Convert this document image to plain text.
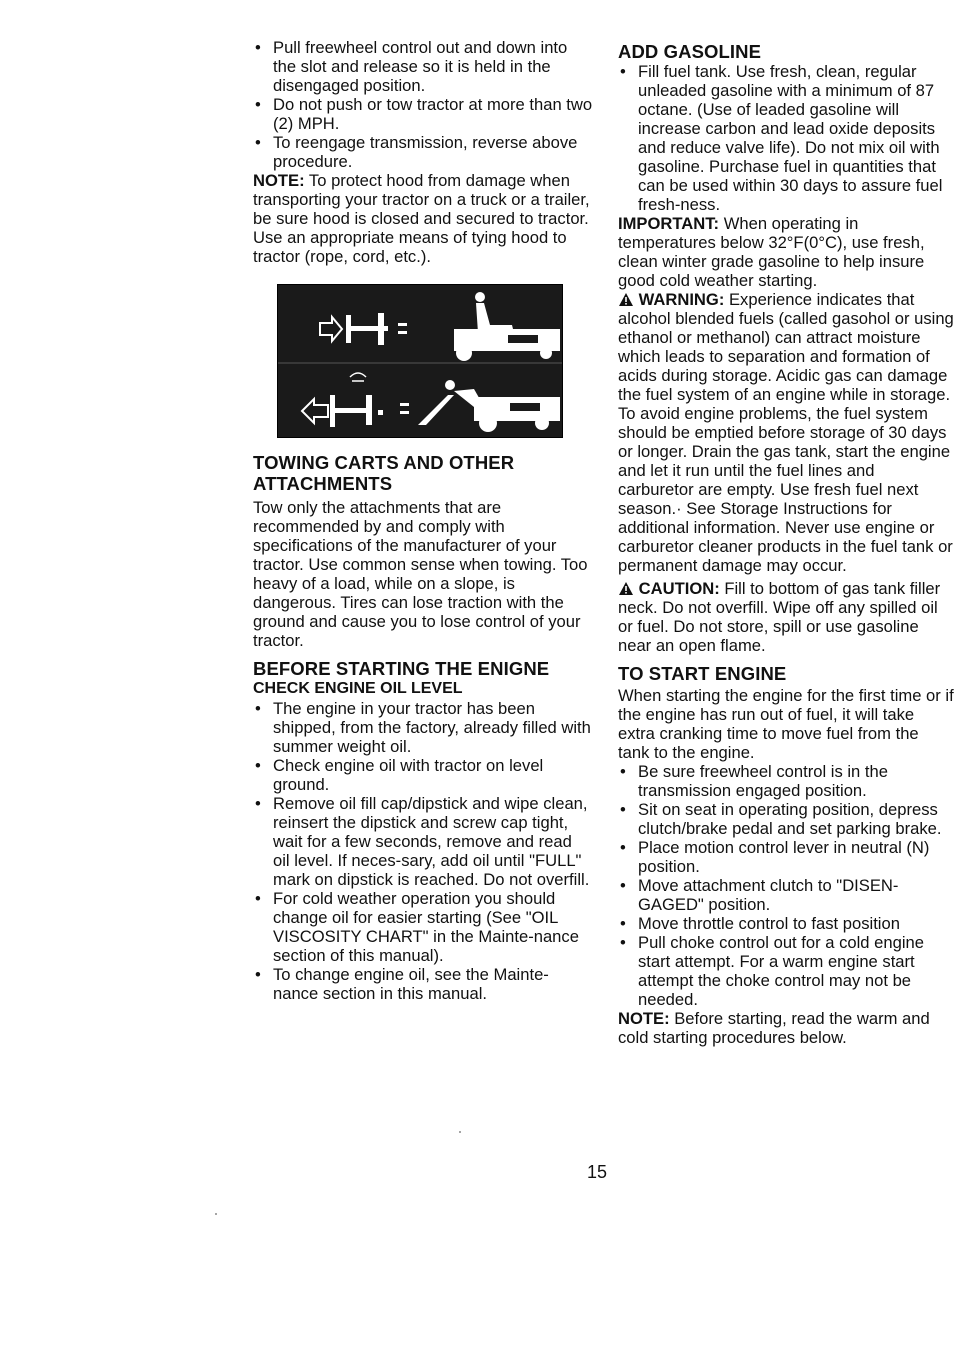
• Pull freewheel control out and down into the slot and release so it is held in the disengaged position.
• Do not push or tow tractor at more than two (2) MPH.
• To reengage transmission, reverse above procedure.

NOTE: To protect hood from damage when transporting your tractor on a truck or a trailer, be sure hood is closed and secured to tractor. Use an appropriate means of tying hood to tractor (rope, cord, etc.).

TOWING CARTS AND OTHER ATTACHMENTS

Tow only the attachments that are recommended by and comply with specifications of the manufacturer of your tractor. Use common sense when towing. Too heavy of a load, while on a slope, is dangerous. Tires can lose traction with the ground and cause you to lose control of your tractor.

BEFORE STARTING THE ENIGNE
CHECK ENGINE OIL LEVEL
• The engine in your tractor has been shipped, from the factory, already filled with summer weight oil.
• Check engine oil with tractor on level ground.
• Remove oil fill cap/dipstick and wipe clean, reinsert the dipstick and screw cap tight, wait for a few seconds, remove and read oil level. If neces-sary, add oil until "FULL" mark on dipstick is reached. Do not overfill.
• For cold weather operation you should change oil for easier starting (See "OIL VISCOSITY CHART" in the Mainte-nance section of this manual).
• To change engine oil, see the Mainte-nance section in this manual.
ADD GASOLINE
• Fill fuel tank. Use fresh, clean, regular unleaded gasoline with a minimum of 87 octane. (Use of leaded gasoline will increase carbon and lead oxide deposits and reduce valve life). Do not mix oil with gasoline. Purchase fuel in quantities that can be used within 30 days to assure fuel fresh-ness.

IMPORTANT: When operating in temperatures below 32°F(0°C), use fresh, clean winter grade gasoline to help insure good cold weather starting.

WARNING: Experience indicates that alcohol blended fuels (called gasohol or using ethanol or methanol) can attract moisture which leads to separation and formation of acids during storage. Acidic gas can damage the fuel system of an engine while in storage. To avoid engine problems, the fuel system should be emptied before storage of 30 days or longer. Drain the gas tank, start the engine and let it run until the fuel lines and carburetor are empty. Use fresh fuel next season.· See Storage Instructions for additional information. Never use engine or carburetor cleaner products in the fuel tank or permanent damage may occur.

CAUTION: Fill to bottom of gas tank filler neck. Do not overfill. Wipe off any spilled oil or fuel. Do not store, spill or use gasoline near an open flame.

TO START ENGINE

When starting the engine for the first time or if the engine has run out of fuel, it will take extra cranking time to move fuel from the tank to the engine.

• Be sure freewheel control is in the transmission engaged position.
• Sit on seat in operating position, depress clutch/brake pedal and set parking brake.
• Place motion control lever in neutral (N) position.
• Move attachment clutch to "DISEN-GAGED" position.
• Move throttle control to fast position
• Pull choke control out for a cold engine start attempt. For a warm engine start attempt the choke control may not be needed.

NOTE: Before starting, read the warm and cold starting procedures below.

15
